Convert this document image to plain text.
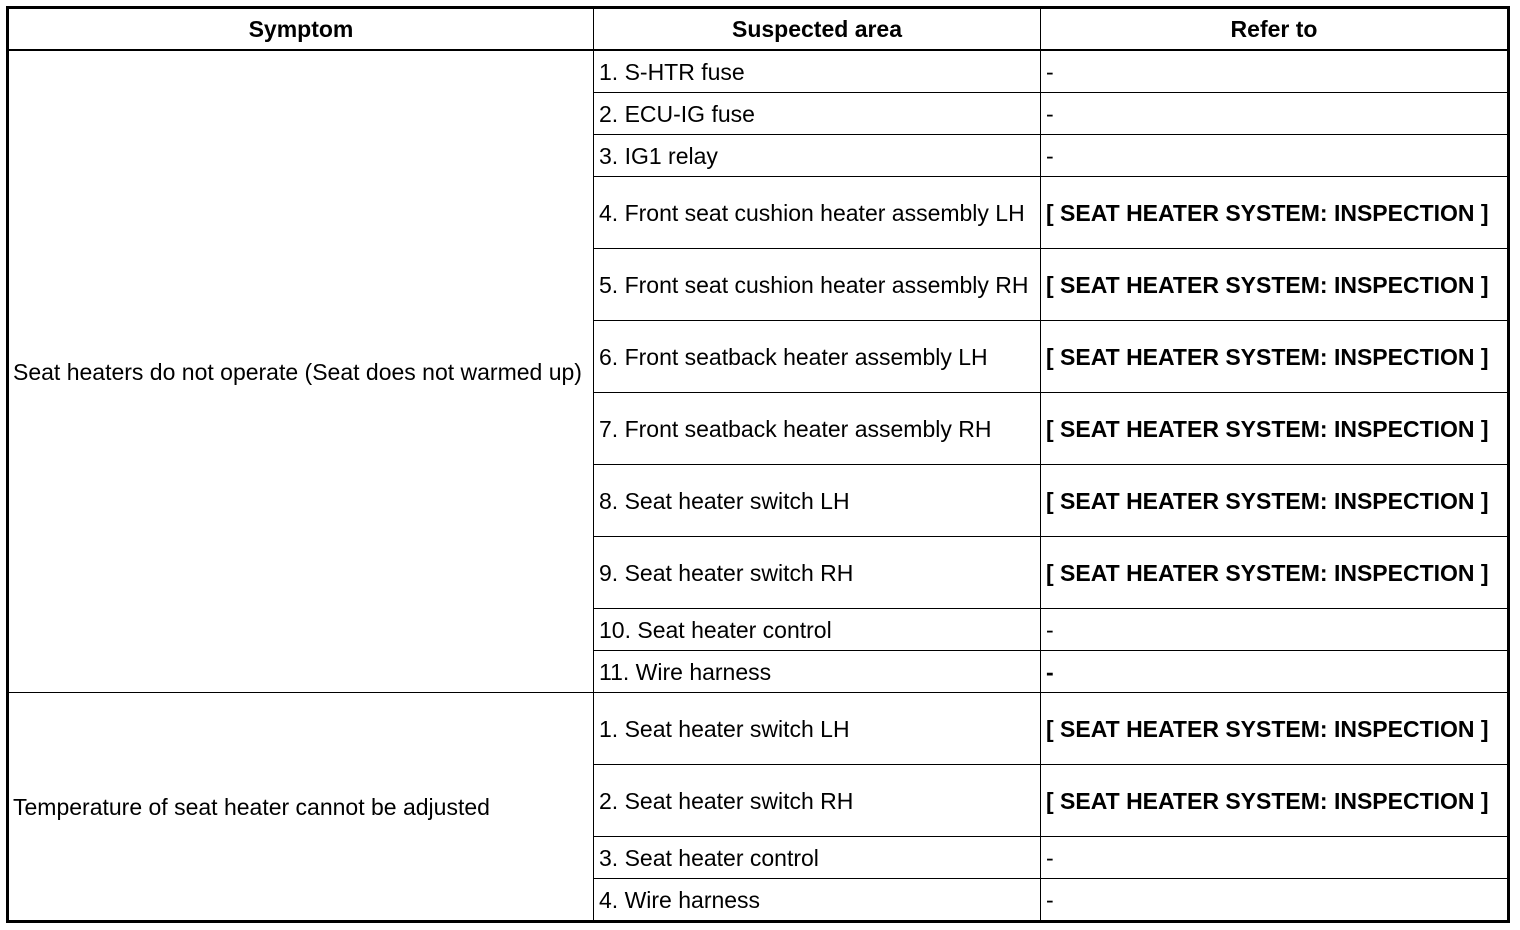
Symptom	Suspected area	Refer to
Seat heaters do not operate (Seat does not warmed up)	1. S-HTR fuse	-
	2. ECU-IG fuse	-
	3. IG1 relay	-
	4. Front seat cushion heater assembly LH	[ SEAT HEATER SYSTEM: INSPECTION ]
	5. Front seat cushion heater assembly RH	[ SEAT HEATER SYSTEM: INSPECTION ]
	6. Front seatback heater assembly LH	[ SEAT HEATER SYSTEM: INSPECTION ]
	7. Front seatback heater assembly RH	[ SEAT HEATER SYSTEM: INSPECTION ]
	8. Seat heater switch LH	[ SEAT HEATER SYSTEM: INSPECTION ]
	9. Seat heater switch RH	[ SEAT HEATER SYSTEM: INSPECTION ]
	10. Seat heater control	-
	11. Wire harness	-
Temperature of seat heater cannot be adjusted	1. Seat heater switch LH	[ SEAT HEATER SYSTEM: INSPECTION ]
	2. Seat heater switch RH	[ SEAT HEATER SYSTEM: INSPECTION ]
	3. Seat heater control	-
	4. Wire harness	-
